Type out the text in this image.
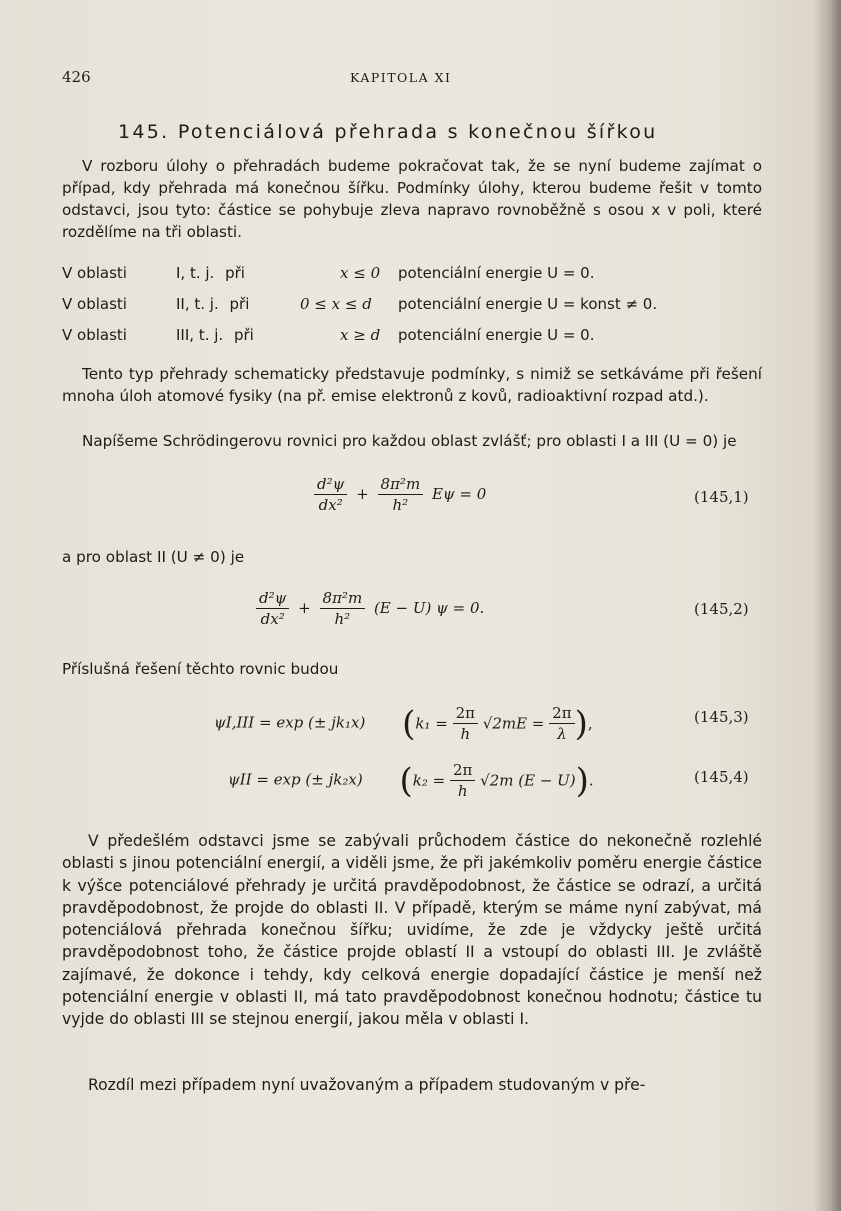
426	KAPITOLA XI
145. Potenciálová přehrada s konečnou šířkou
V rozboru úlohy o přehradách budeme pokračovat tak, že se nyní budeme zajímat o případ, kdy přehrada má konečnou šířku. Podmínky úlohy, kterou budeme řešit v tomto odstavci, jsou tyto: částice se pohybuje zleva napravo rovnoběžně s osou x v poli, které rozdělíme na tři oblasti.
V oblasti	I, t. j. při	x ≤ 0 potenciální energie U = 0.
V oblasti	II, t. j. při	0 ≤ x ≤ d potenciální energie U = konst ≠ 0.
V oblasti	III, t. j. při	x ≥ d potenciální energie U = 0.
Tento typ přehrady schematicky představuje podmínky, s nimiž se setkáváme při řešení mnoha úloh atomové fysiky (na př. emise elektronů z kovů, radioaktivní rozpad atd.).
Napíšeme Schrödingerovu rovnici pro každou oblast zvlášť; pro oblasti I a III (U = 0) je
$\frac{\text{d²ψ}}{\text{dx²}} + \frac{\text{8π²m}}{\text{h²}}$ Eψ = 0	(145,1)
a pro oblast II (U ≠ 0) je
$\frac{\text{d²ψ}}{\text{dx²}} + \frac{\text{8π²m}}{\text{h²}} (E - U) \psi = 0$.	(145,2)
Příslušná řešení těchto rovnic budou
ψI,III = exp (± jk₁x) ($k_1 = \frac{2\pi}{h} √2mE = \frac{2\pi}{\lambda}$ ),	(145,3)
ψII = exp (± jk₂x) ($k_2 = \frac{2\pi}{h} √2m$ (E − U)).	(145,4)
V předešlém odstavci jsme se zabývali průchodem částice do nekonečně rozlehlé oblasti s jinou potenciální energií, a viděli jsme, že při jakémkoliv poměru energie částice k výšce potenciálové přehrady je určitá pravděpodobnost, že částice se odrazí, a určitá pravděpodobnost, že projde do oblasti II. V případě, kterým se máme nyní zabývat, má potenciálová přehrada konečnou šířku; uvidíme, že zde je vždycky ještě určitá pravděpodobnost toho, že částice projde oblastí II a vstoupí do oblasti III. Je zvláště zajímavé, že dokonce i tehdy, kdy celková energie dopadající částice je menší než potenciální energie v oblasti II, má tato pravděpodobnost konečnou hodnotu; částice tu vyjde do oblasti III se stejnou energií, jakou měla v oblasti I.
Rozdíl mezi případem nyní uvažovaným a případem studovaným v pře-
